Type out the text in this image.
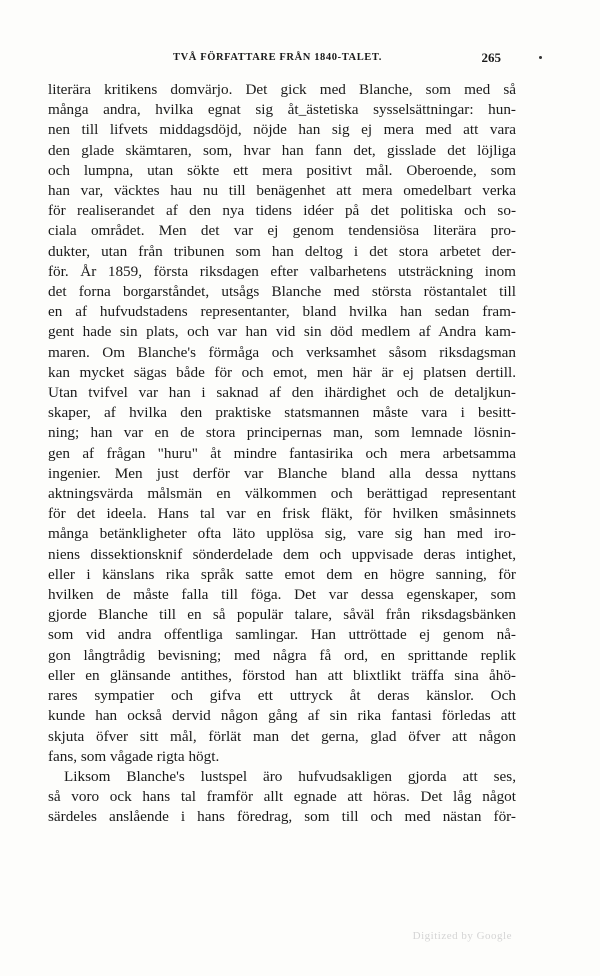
TVÅ FÖRFATTARE FRÅN 1840-TALET.	265
literära kritikens domvärjo. Det gick med Blanche, som med så
många andra, hvilka egnat sig åt_ästetiska sysselsättningar: hun-
nen till lifvets middagsdöjd, nöjde han sig ej mera med att vara
den glade skämtaren, som, hvar han fann det, gisslade det löjliga
och lumpna, utan sökte ett mera positivt mål. Oberoende, som
han var, väcktes hau nu till benägenhet att mera omedelbart verka
för realiserandet af den nya tidens idéer på det politiska och so-
ciala området. Men det var ej genom tendensiösa literära pro-
dukter, utan från tribunen som han deltog i det stora arbetet der-
för. År 1859, första riksdagen efter valbarhetens utsträckning inom
det forna borgarståndet, utsågs Blanche med största röstantalet till
en af hufvudstadens representanter, bland hvilka han sedan fram-
gent hade sin plats, och var han vid sin död medlem af Andra kam-
maren. Om Blanche's förmåga och verksamhet såsom riksdagsman
kan mycket sägas både för och emot, men här är ej platsen dertill.
Utan tvifvel var han i saknad af den ihärdighet och de detaljkun-
skaper, af hvilka den praktiske statsmannen måste vara i besitt-
ning; han var en de stora principernas man, som lemnade lösnin-
gen af frågan "huru" åt mindre fantasirika och mera arbetsamma
ingenier. Men just derför var Blanche bland alla dessa nyttans
aktningsvärda målsmän en välkommen och berättigad representant
för det ideela. Hans tal var en frisk fläkt, för hvilken småsinnets
många betänkligheter ofta läto upplösa sig, vare sig han med iro-
niens dissektionsknif sönderdelade dem och uppvisade deras intighet,
eller i känslans rika språk satte emot dem en högre sanning, för
hvilken de måste falla till föga. Det var dessa egenskaper, som
gjorde Blanche till en så populär talare, såväl från riksdagsbänken
som vid andra offentliga samlingar. Han uttröttade ej genom nå-
gon långtrådig bevisning; med några få ord, en sprittande replik
eller en glänsande antithes, förstod han att blixtlikt träffa sina åhö-
rares sympatier och gifva ett uttryck åt deras känslor. Och
kunde han också dervid någon gång af sin rika fantasi förledas att
skjuta öfver sitt mål, förlät man det gerna, glad öfver att någon
fans, som vågade rigta högt.
Liksom Blanche's lustspel äro hufvudsakligen gjorda att ses,
så voro ock hans tal framför allt egnade att höras. Det låg något
särdeles anslående i hans föredrag, som till och med nästan för-
Digitized by Google
